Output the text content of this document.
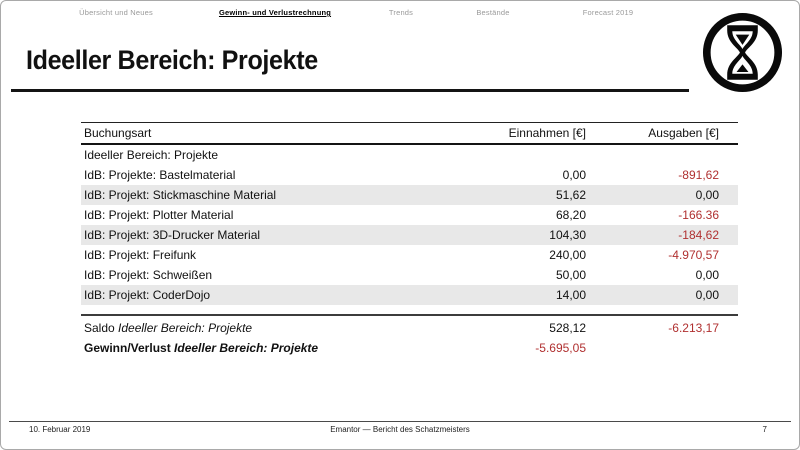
Übersicht und Neues	Gewinn- und Verlustrechnung	Trends	Bestände	Forecast 2019
Ideeller Bereich: Projekte
Buchungsart	Einnahmen [€]	Ausgaben [€]
Ideeller Bereich: Projekte
IdB: Projekte: Bastelmaterial	0,00	-891,62
IdB: Projekt: Stickmaschine Material	51,62	0,00
IdB: Projekt: Plotter Material	68,20	-166.36
IdB: Projekt: 3D-Drucker Material	104,30	-184,62
IdB: Projekt: Freifunk	240,00	-4.970,57
IdB: Projekt: Schweißen	50,00	0,00
IdB: Projekt: CoderDojo	14,00	0,00
Saldo Ideeller Bereich: Projekte	528,12	-6.213,17
Gewinn/Verlust Ideeller Bereich: Projekte	-5.695,05
10. Februar 2019	Emantor — Bericht des Schatzmeisters	7
